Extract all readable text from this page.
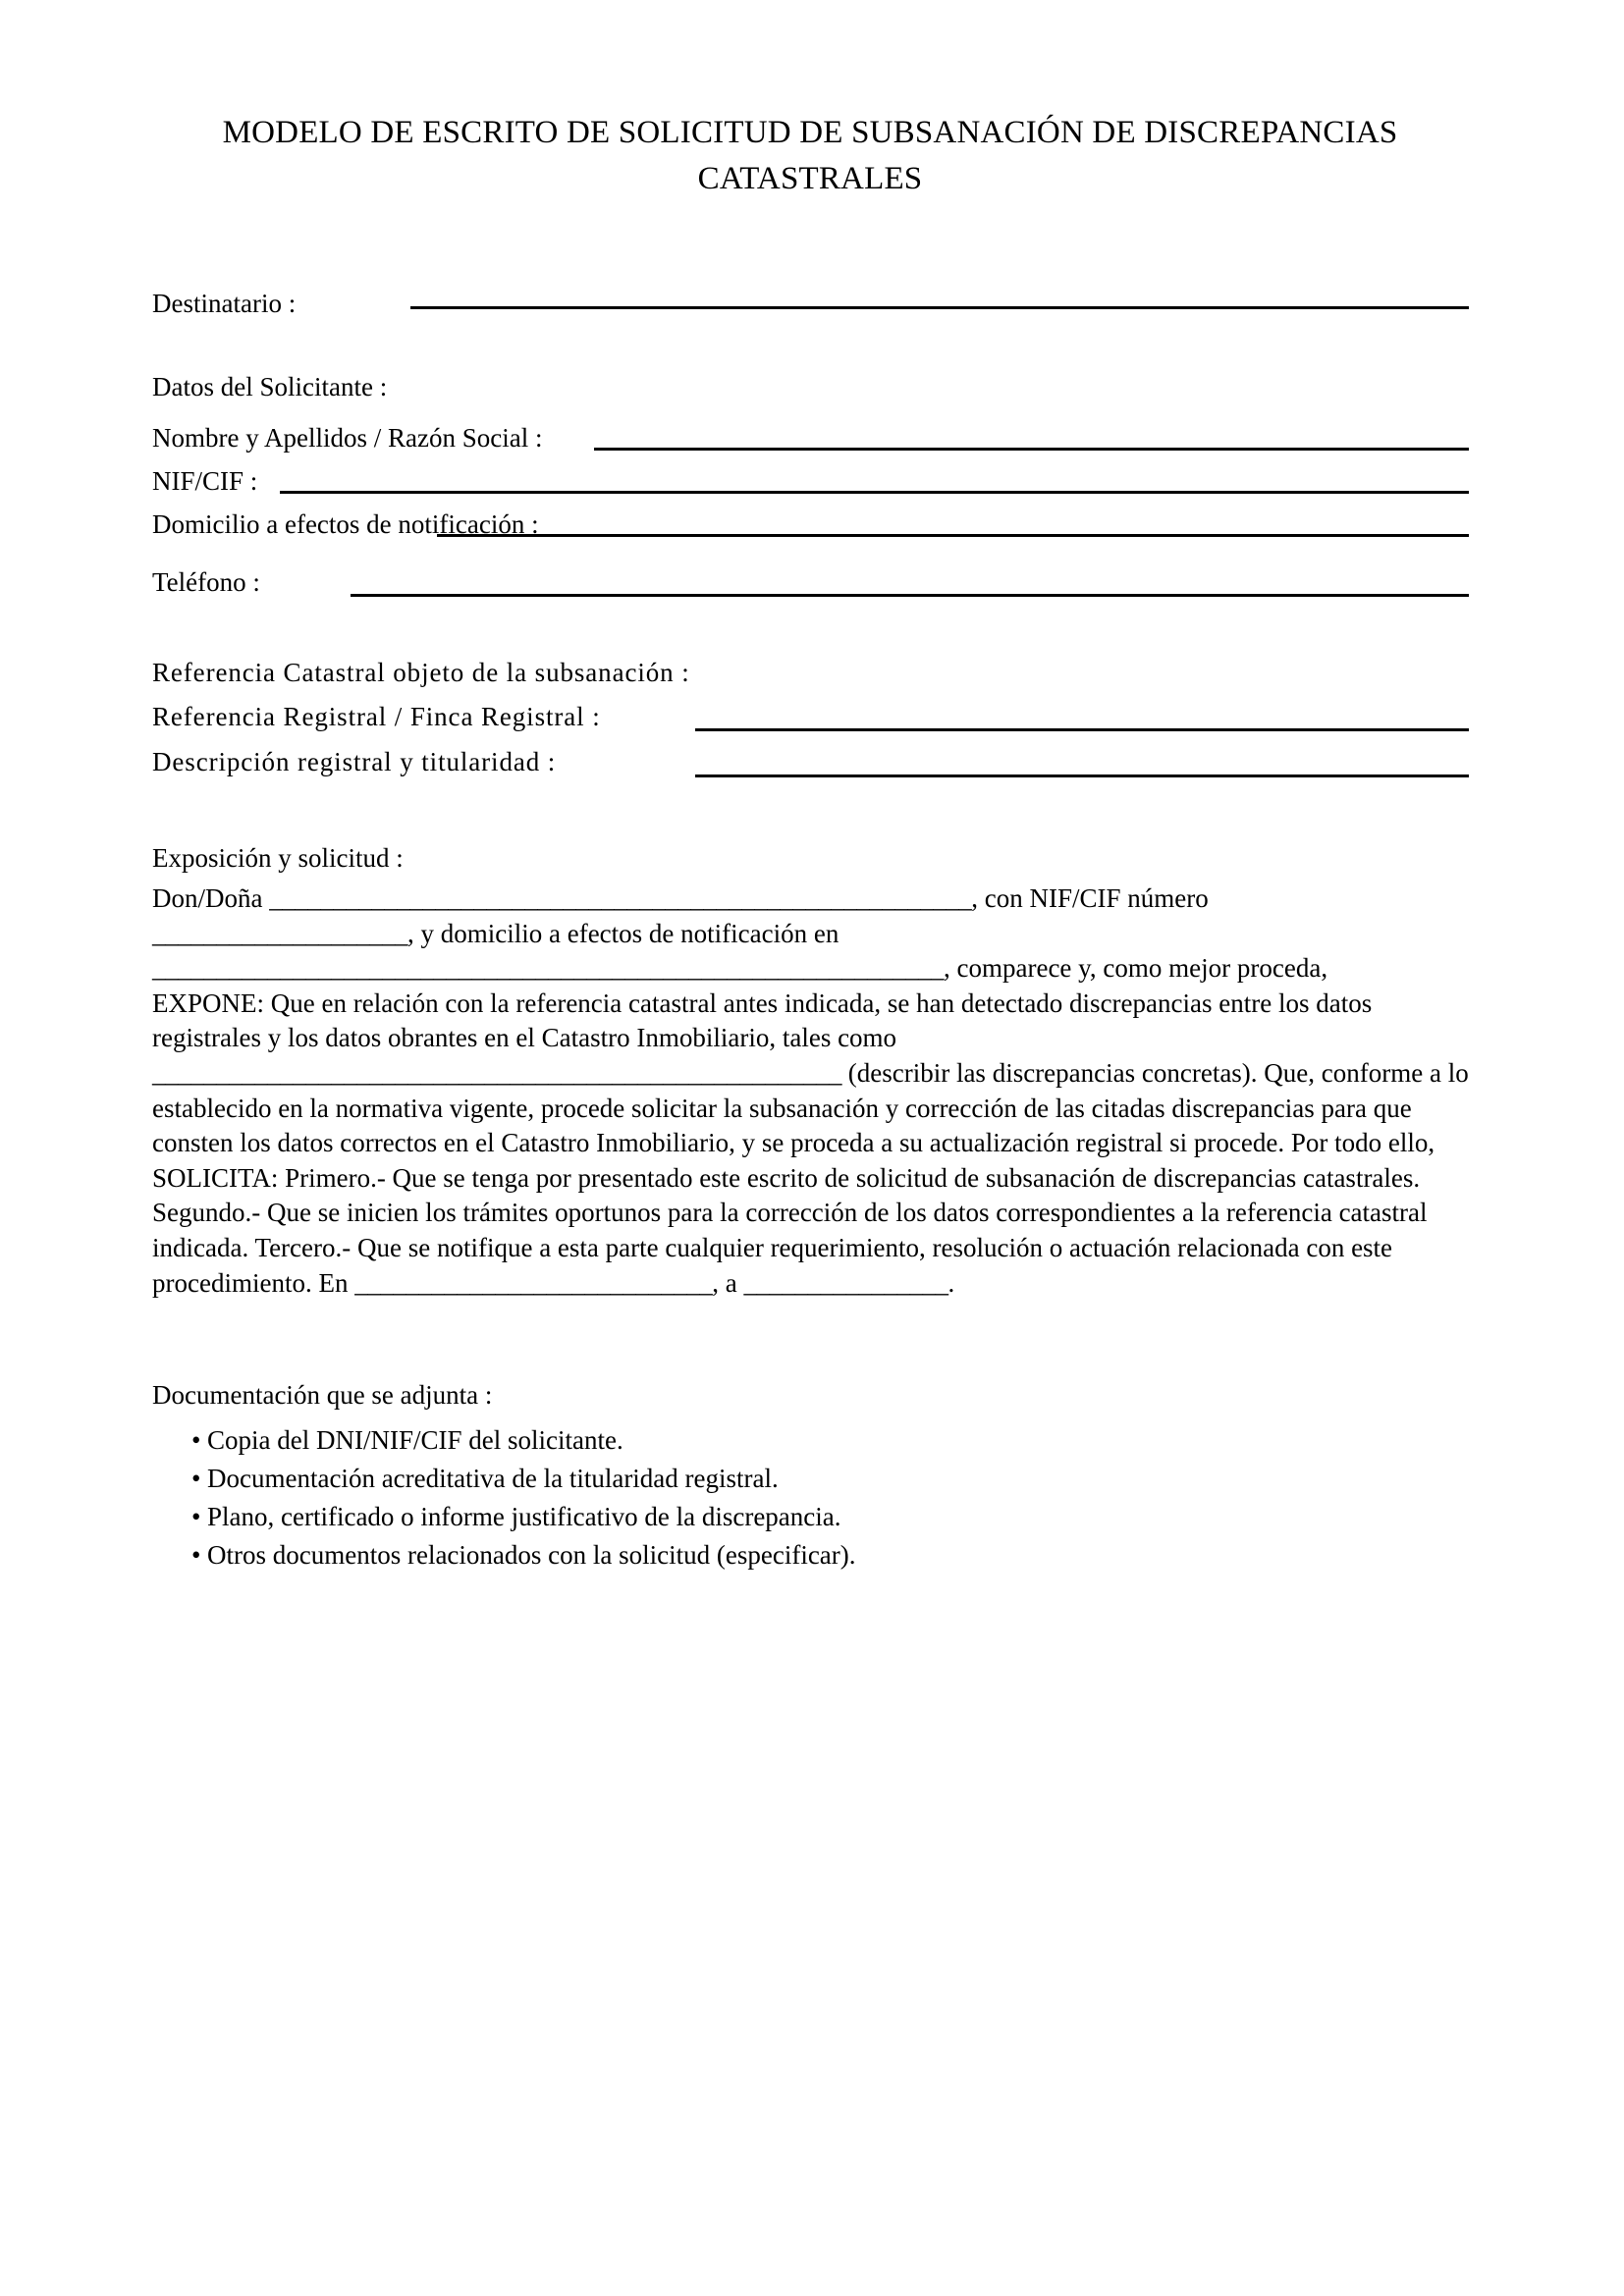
MODELO DE ESCRITO DE SOLICITUD DE SUBSANACIÓN DE DISCREPANCIAS CATASTRALES
Destinatario :
Datos del Solicitante :
Nombre y Apellidos / Razón Social :
NIF/CIF :
Domicilio a efectos de notificación :
Teléfono :
Referencia Catastral objeto de la subsanación :
Referencia Registral / Finca Registral :
Descripción registral y titularidad :
Exposición y solicitud :

Don/Doña _______________________________________________________, con NIF/CIF número

____________________, y domicilio a efectos de notificación en

______________________________________________________________, comparece y, como mejor proceda,

EXPONE: Que en relación con la referencia catastral antes indicada, se han detectado discrepancias entre los datos registrales y los datos obrantes en el Catastro Inmobiliario, tales como

______________________________________________________ (describir las discrepancias concretas). Que, conforme a lo establecido en la normativa vigente, procede solicitar la subsanación y corrección de las citadas discrepancias para que consten los datos correctos en el Catastro Inmobiliario, y se proceda a su actualización registral si procede. Por todo ello, SOLICITA: Primero.- Que se tenga por presentado este escrito de solicitud de subsanación de discrepancias catastrales. Segundo.- Que se inicien los trámites oportunos para la corrección de los datos correspondientes a la referencia catastral indicada. Tercero.- Que se notifique a esta parte cualquier requerimiento, resolución o actuación relacionada con este procedimiento. En ____________________________, a ________________.

Documentación que se adjunta :
• Copia del DNI/NIF/CIF del solicitante.
• Documentación acreditativa de la titularidad registral.
• Plano, certificado o informe justificativo de la discrepancia.
• Otros documentos relacionados con la solicitud (especificar).
